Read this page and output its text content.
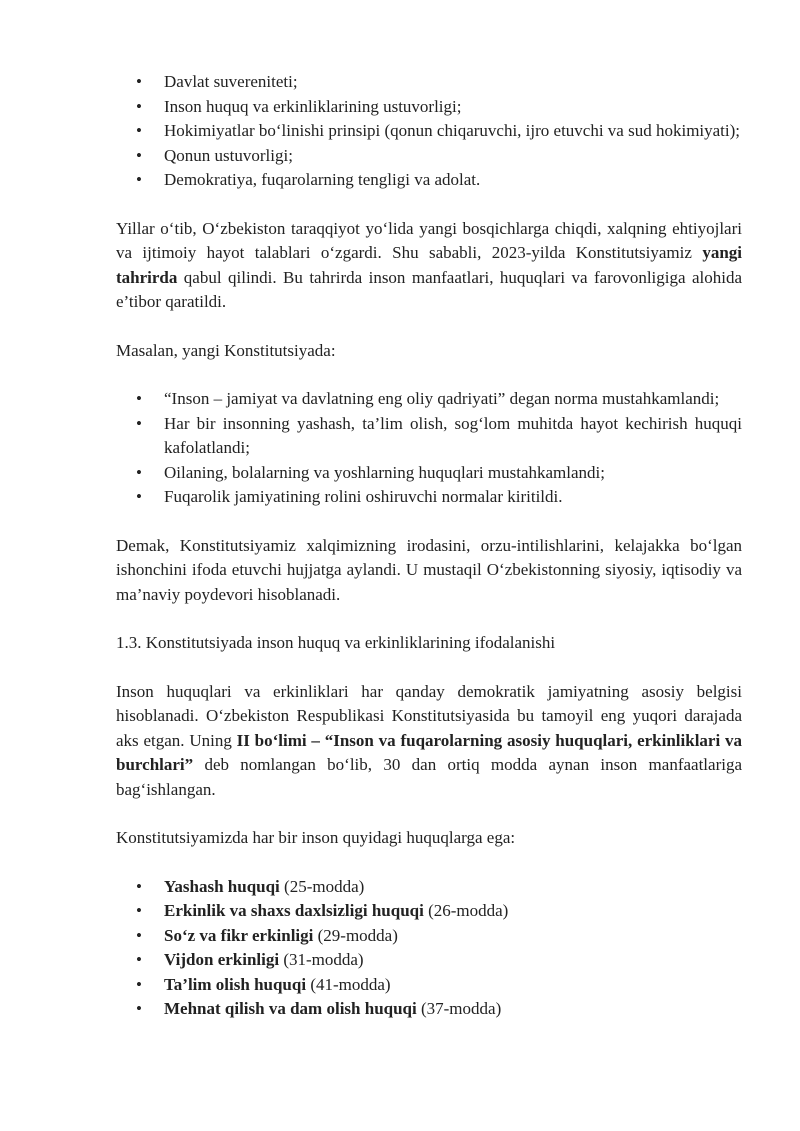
• Davlat suvereniteti;
• Inson huquq va erkinliklarining ustuvorligi;
• Hokimiyatlar bo‘linishi prinsipi (qonun chiqaruvchi, ijro etuvchi va sud hokimiyati);
• Qonun ustuvorligi;
• Demokratiya, fuqarolarning tengligi va adolat.

Yillar o‘tib, O‘zbekiston taraqqiyot yo‘lida yangi bosqichlarga chiqdi, xalqning ehtiyojlari va ijtimoiy hayot talablari o‘zgardi. Shu sababli, 2023-yilda Konstitutsiyamiz yangi tahrirda qabul qilindi. Bu tahrirda inson manfaatlari, huquqlari va farovonligiga alohida e’tibor qaratildi.

Masalan, yangi Konstitutsiyada:

• “Inson – jamiyat va davlatning eng oliy qadriyati” degan norma mustahkamlandi;
• Har bir insonning yashash, ta’lim olish, sog‘lom muhitda hayot kechirish huquqi kafolatlandi;
• Oilaning, bolalarning va yoshlarning huquqlari mustahkamlandi;
• Fuqarolik jamiyatining rolini oshiruvchi normalar kiritildi.

Demak, Konstitutsiyamiz xalqimizning irodasini, orzu-intilishlarini, kelajakka bo‘lgan ishonchini ifoda etuvchi hujjatga aylandi. U mustaqil O‘zbekistonning siyosiy, iqtisodiy va ma’naviy poydevori hisoblanadi.

1.3. Konstitutsiyada inson huquq va erkinliklarining ifodalanishi

Inson huquqlari va erkinliklari har qanday demokratik jamiyatning asosiy belgisi hisoblanadi. O‘zbekiston Respublikasi Konstitutsiyasida bu tamoyil eng yuqori darajada aks etgan. Uning II bo‘limi – “Inson va fuqarolarning asosiy huquqlari, erkinliklari va burchlari” deb nomlangan bo‘lib, 30 dan ortiq modda aynan inson manfaatlariga bag‘ishlangan.

Konstitutsiyamizda har bir inson quyidagi huquqlarga ega:

• Yashash huquqi (25-modda)
• Erkinlik va shaxs daxlsizligi huquqi (26-modda)
• So‘z va fikr erkinligi (29-modda)
• Vijdon erkinligi (31-modda)
• Ta’lim olish huquqi (41-modda)
• Mehnat qilish va dam olish huquqi (37-modda)
